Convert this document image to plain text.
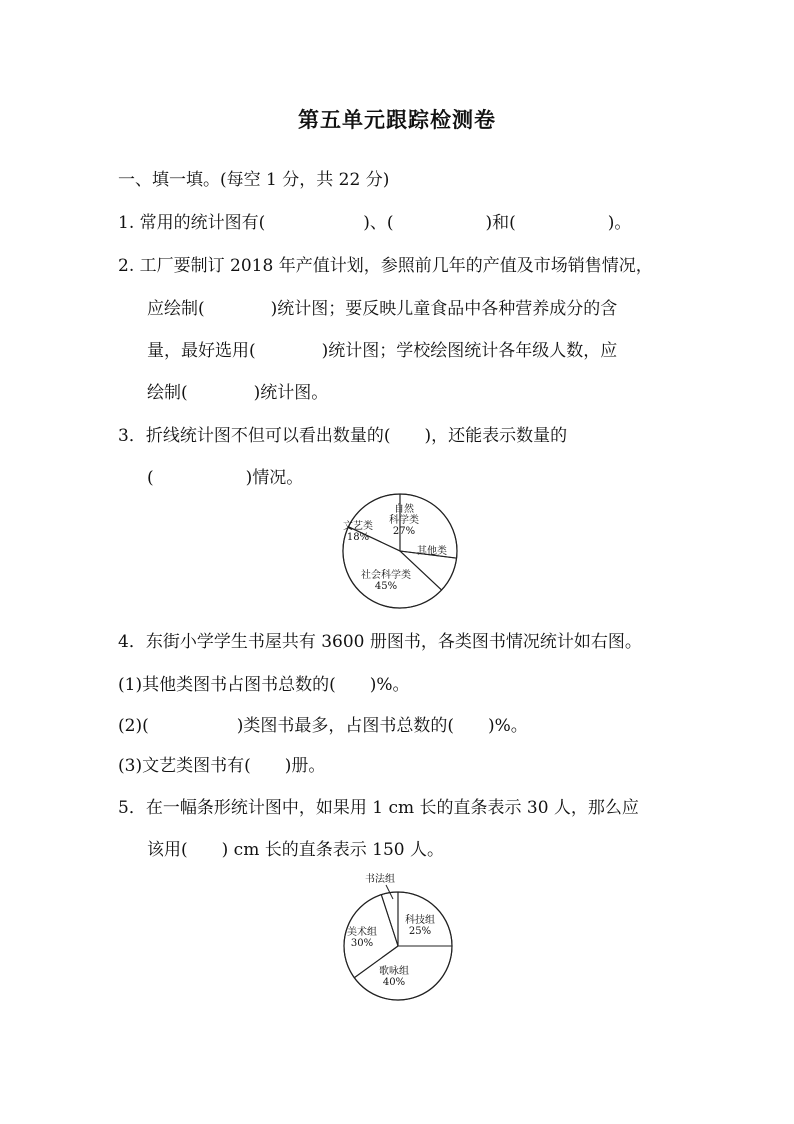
第五单元跟踪检测卷
一、填一填。(每空 1 分，共 22 分)
1. 常用的统计图有(	)、(	)和(	)。
2. 工厂要制订 2018 年产值计划，参照前几年的产值及市场销售情况，
应绘制(	)统计图；要反映儿童食品中各种营养成分的含
量，最好选用(	)统计图；学校绘图统计各年级人数，应
绘制(	)统计图。
3．折线统计图不但可以看出数量的( )，还能表示数量的
(	)情况。
自然科学类 27%
其他类
社会科学类 45%
文艺类 18%
4．东街小学学生书屋共有 3600 册图书，各类图书情况统计如右图。
(1)其他类图书占图书总数的( )%。
(2)(	)类图书最多，占图书总数的( )%。
(3)文艺类图书有( )册。
5．在一幅条形统计图中，如果用 1 cm 长的直条表示 30 人，那么应
该用( ) cm 长的直条表示 150 人。
科技组 25%
歌咏组 40%
美术组 30%
书法组
